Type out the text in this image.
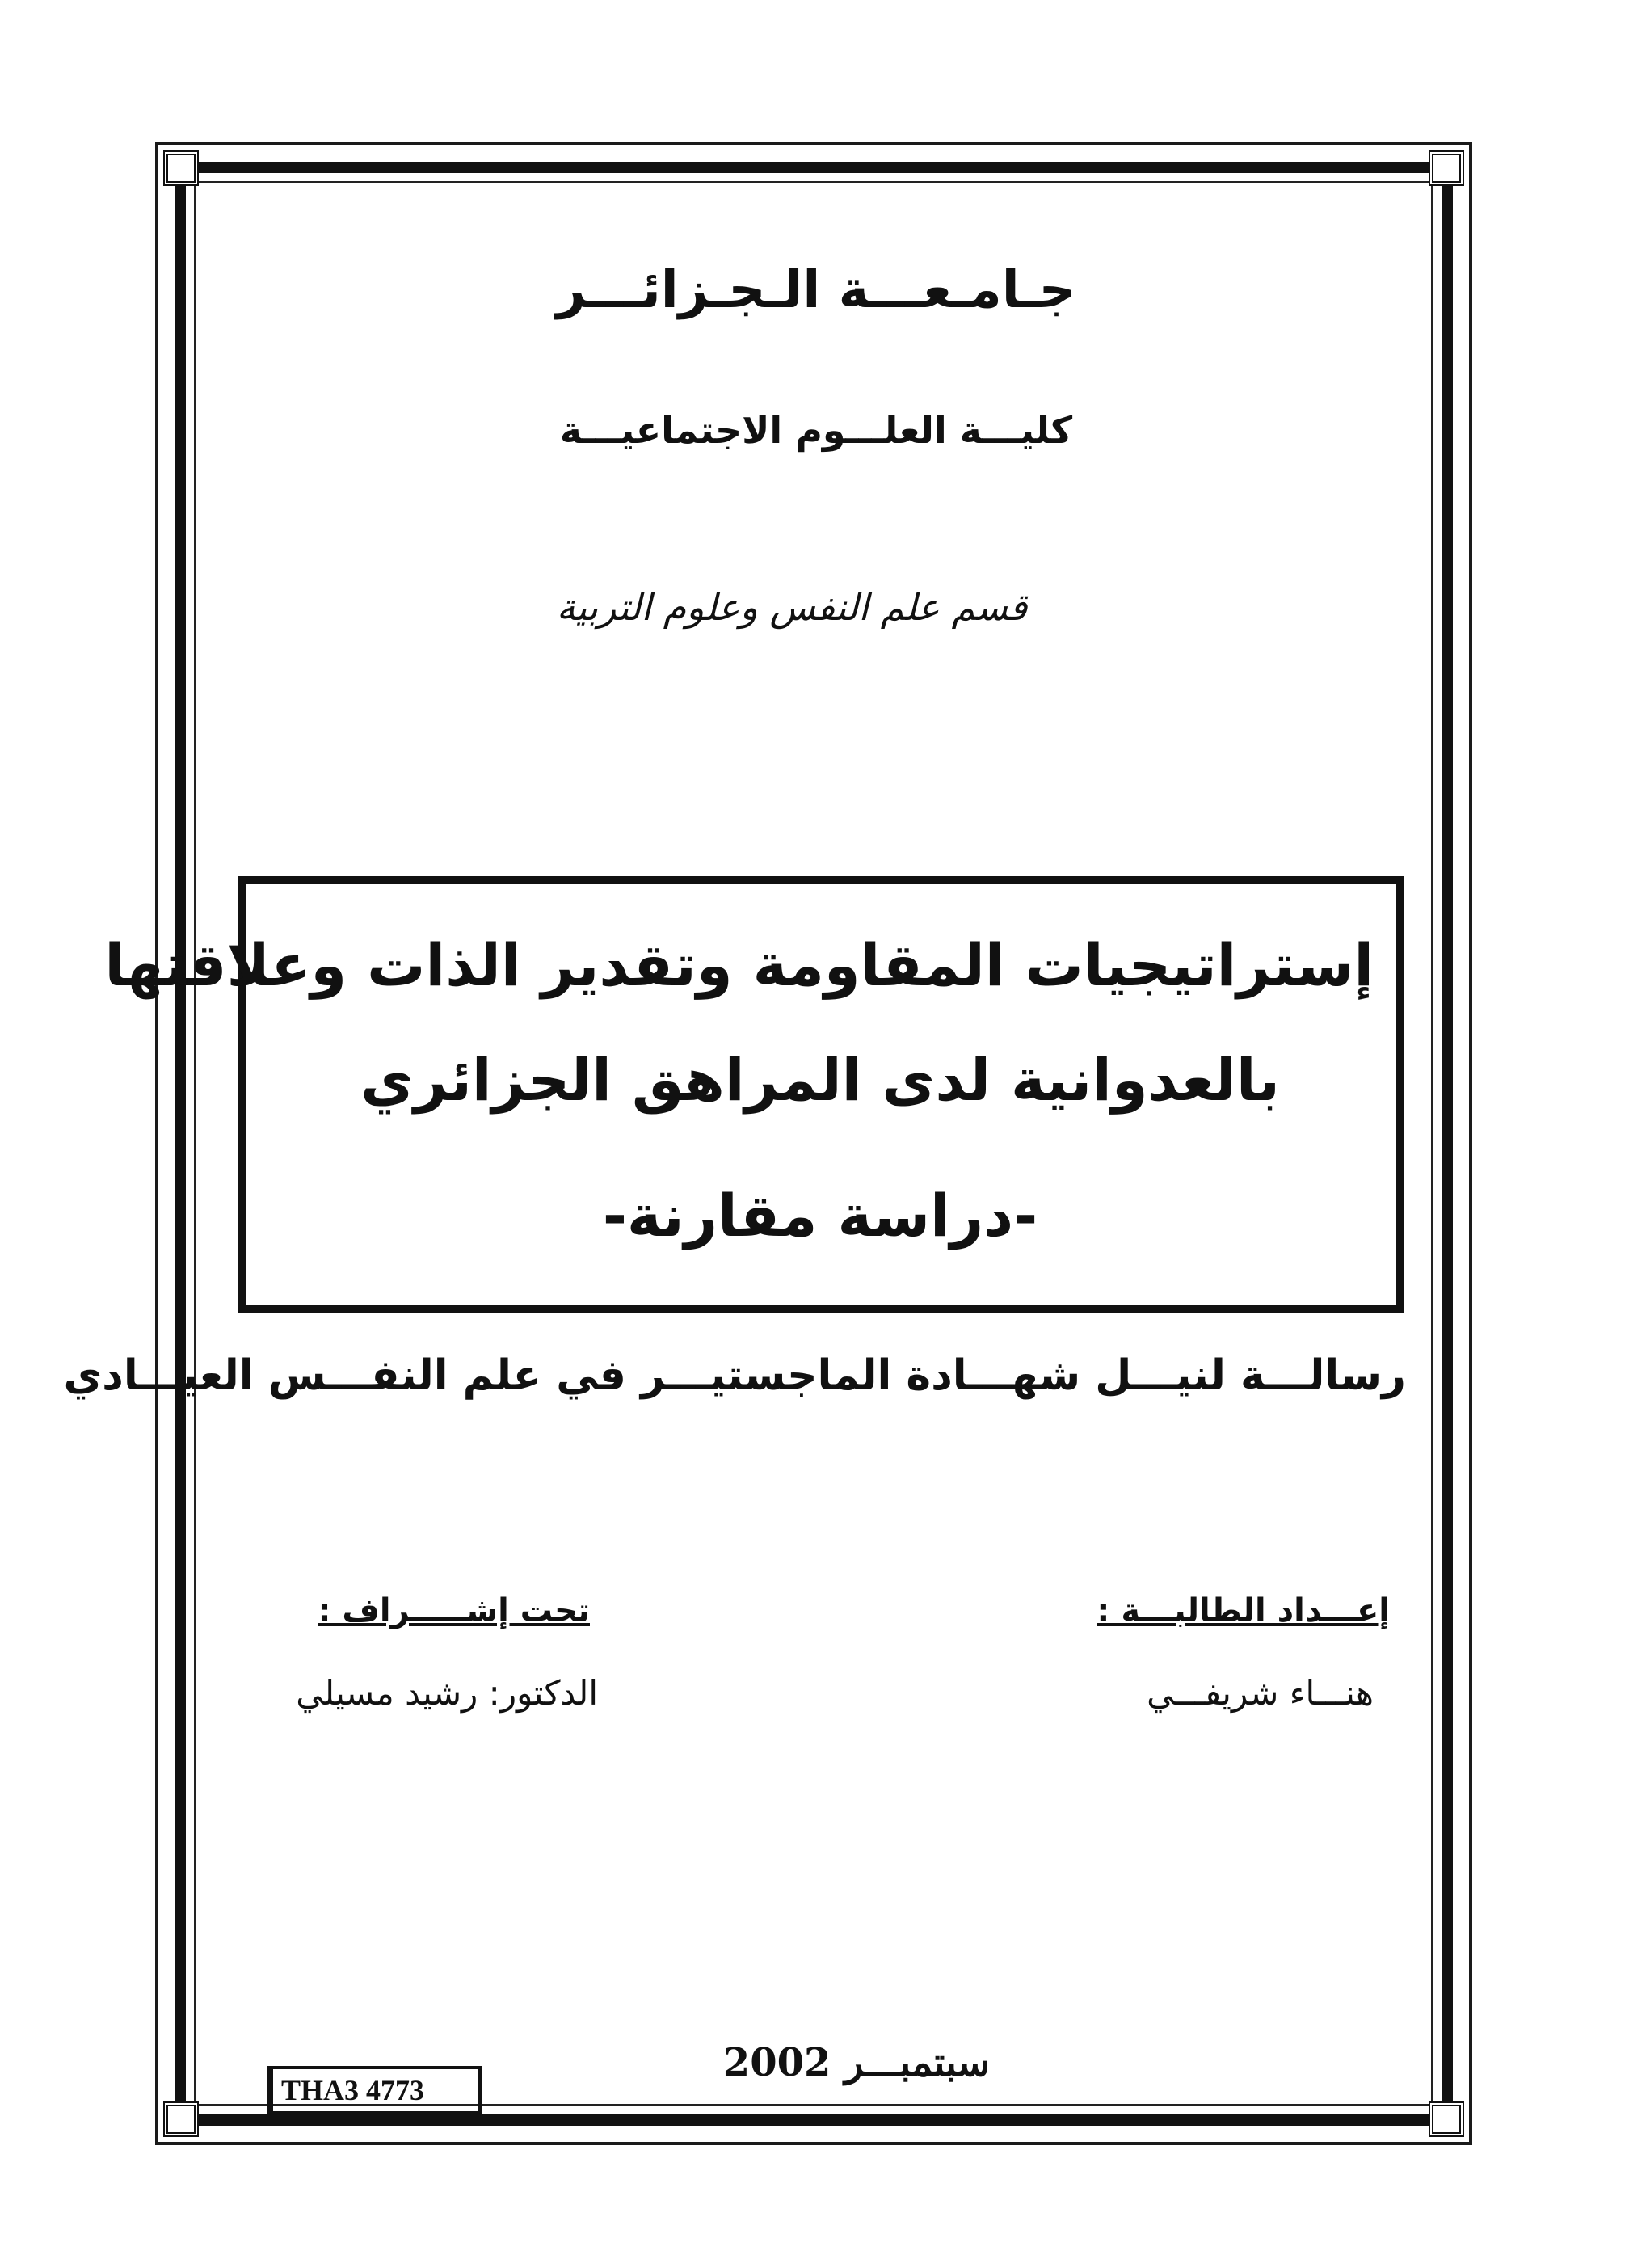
جـامـعـــة الـجـزائـــر
كليـــة العلـــوم الاجتماعيـــة
قسم علم النفس وعلوم التربية
إستراتيجيات المقاومة وتقدير الذات وعلاقتها
بالعدوانية لدى المراهق الجزائري
-دراسة مقارنة-
رسالـــة لنيـــل شهـــادة الماجستيـــر في علم النفـــس العيـــادي
إعـــداد الطالبـــة :
تحت إشـــــراف :
هنـــاء شريفـــي
الدكتور: رشيد مسيلي
سبتمبـــر 2002
THA3 4773
